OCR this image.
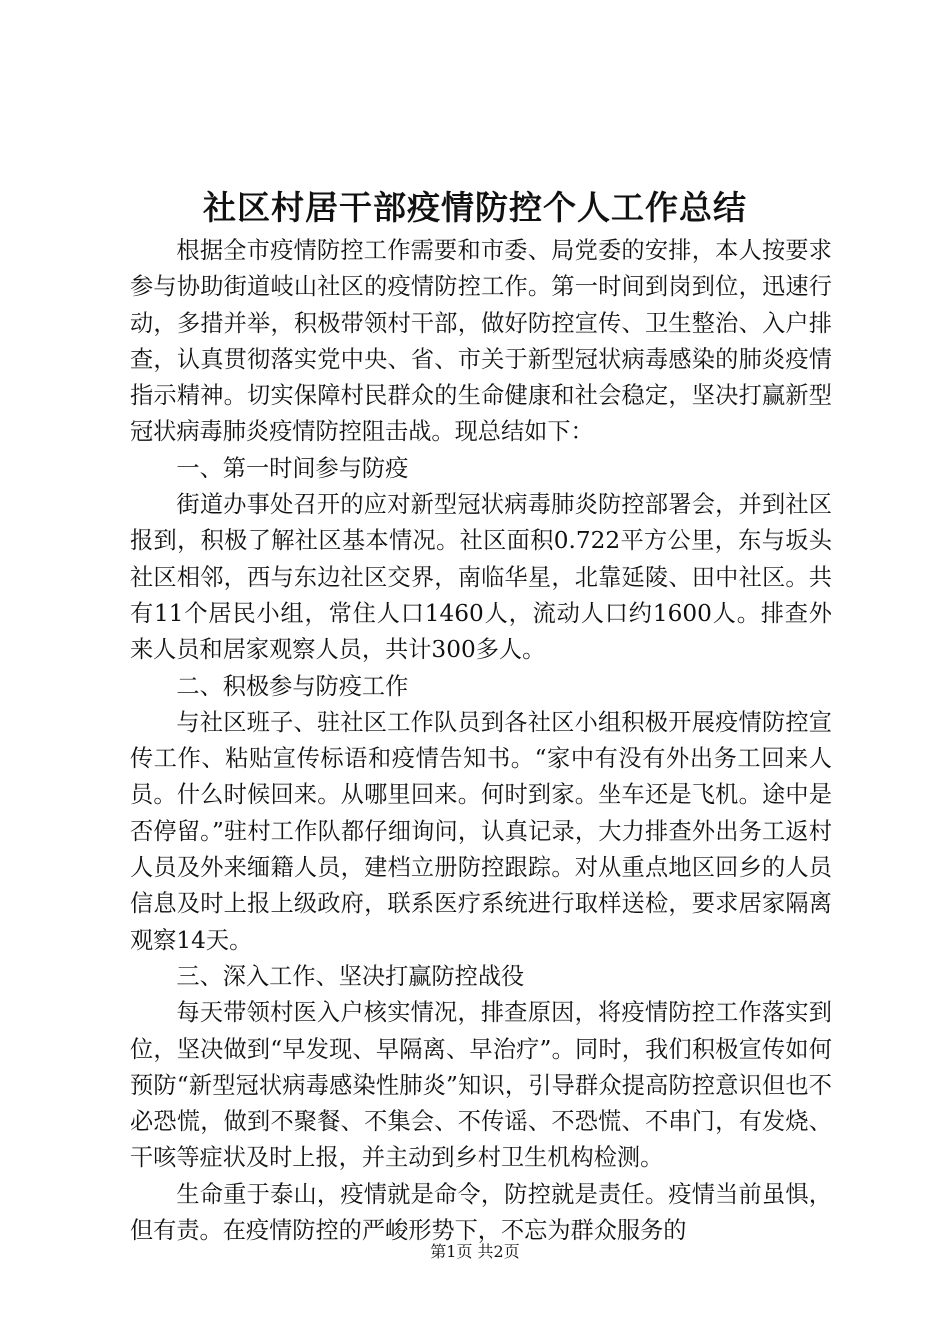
社区村居干部疫情防控个人工作总结

根据全市疫情防控工作需要和市委、局党委的安排，本人按要求参与协助街道岐山社区的疫情防控工作。第一时间到岗到位，迅速行动，多措并举，积极带领村干部，做好防控宣传、卫生整治、入户排查，认真贯彻落实党中央、省、市关于新型冠状病毒感染的肺炎疫情指示精神。切实保障村民群众的生命健康和社会稳定，坚决打赢新型冠状病毒肺炎疫情防控阻击战。现总结如下：

一、第一时间参与防疫

街道办事处召开的应对新型冠状病毒肺炎防控部署会，并到社区报到，积极了解社区基本情况。社区面积0.722平方公里，东与坂头社区相邻，西与东边社区交界，南临华星，北靠延陵、田中社区。共有11个居民小组，常住人口1460人，流动人口约1600人。排查外来人员和居家观察人员，共计300多人。

二、积极参与防疫工作

与社区班子、驻社区工作队员到各社区小组积极开展疫情防控宣传工作、粘贴宣传标语和疫情告知书。“家中有没有外出务工回来人员。什么时候回来。从哪里回来。何时到家。坐车还是飞机。途中是否停留。”驻村工作队都仔细询问，认真记录，大力排查外出务工返村人员及外来缅籍人员，建档立册防控跟踪。对从重点地区回乡的人员信息及时上报上级政府，联系医疗系统进行取样送检，要求居家隔离观察14天。

三、深入工作、坚决打赢防控战役

每天带领村医入户核实情况，排查原因，将疫情防控工作落实到位，坚决做到“早发现、早隔离、早治疗”。同时，我们积极宣传如何预防“新型冠状病毒感染性肺炎”知识，引导群众提高防控意识但也不必恐慌，做到不聚餐、不集会、不传谣、不恐慌、不串门，有发烧、干咳等症状及时上报，并主动到乡村卫生机构检测。

生命重于泰山，疫情就是命令，防控就是责任。疫情当前虽惧，但有责。在疫情防控的严峻形势下，不忘为群众服务的

第1页 共2页
